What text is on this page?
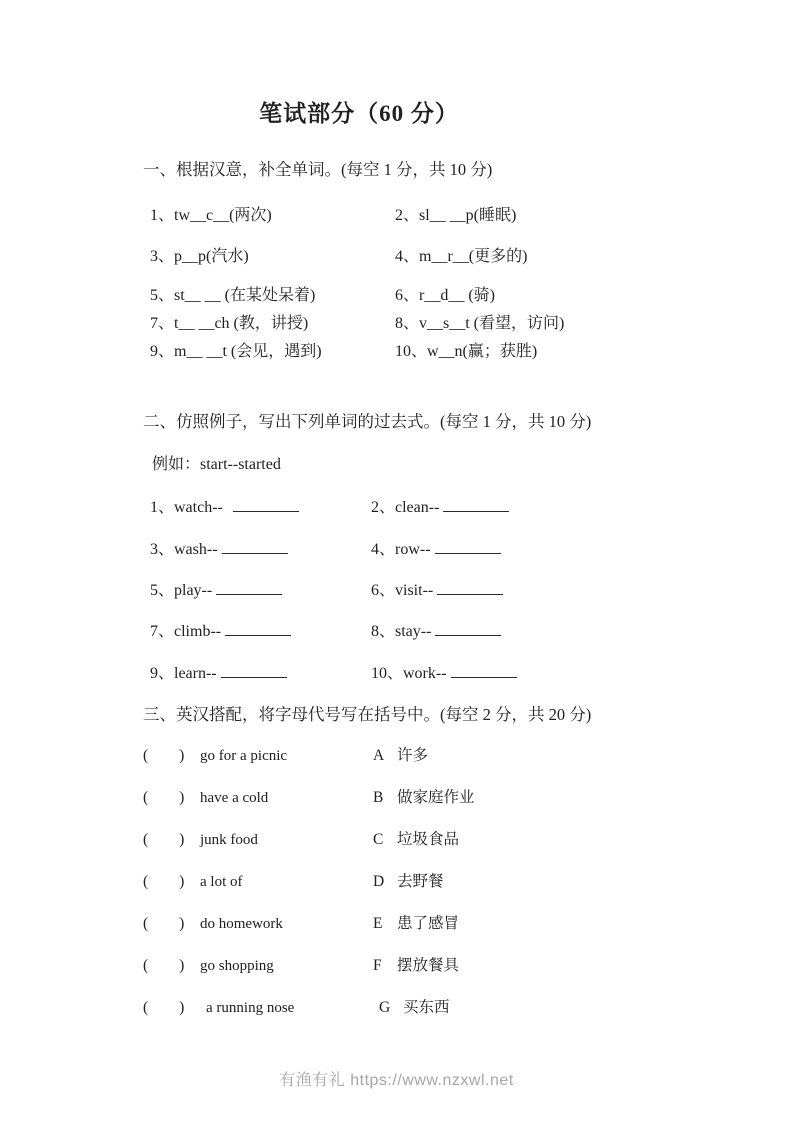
笔试部分（60 分）
一、根据汉意，补全单词。(每空 1 分，共 10 分)
1、tw__c__(两次)	2、sl__ __p(睡眠)
3、p__p(汽水)	4、m__r__(更多的)
5、st__ __ (在某处呆着)	6、r__d__ (骑)
7、t__ __ch (教，讲授)	8、v__s__t (看望，访问)
9、m__ __t (会见，遇到)	10、w__n(赢；获胜)
二、仿照例子，写出下列单词的过去式。(每空 1 分，共 10 分)
例如：start--started
1、watch--	2、clean--
3、wash--	4、row--
5、play--	6、visit--
7、climb--	8、stay--
9、learn--	10、work--
三、英汉搭配，将字母代号写在括号中。(每空 2 分，共 20 分)
(　　)	go for a picnic	A 许多
(　　)	have a cold	B 做家庭作业
(　　)	junk food	C 垃圾食品
(　　)	a lot of	D 去野餐
(　　)	do homework	E 患了感冒
(　　)	go shopping	F 摆放餐具
(　　)	a running nose	G 买东西
有渔有礼 https://www.nzxwl.net
